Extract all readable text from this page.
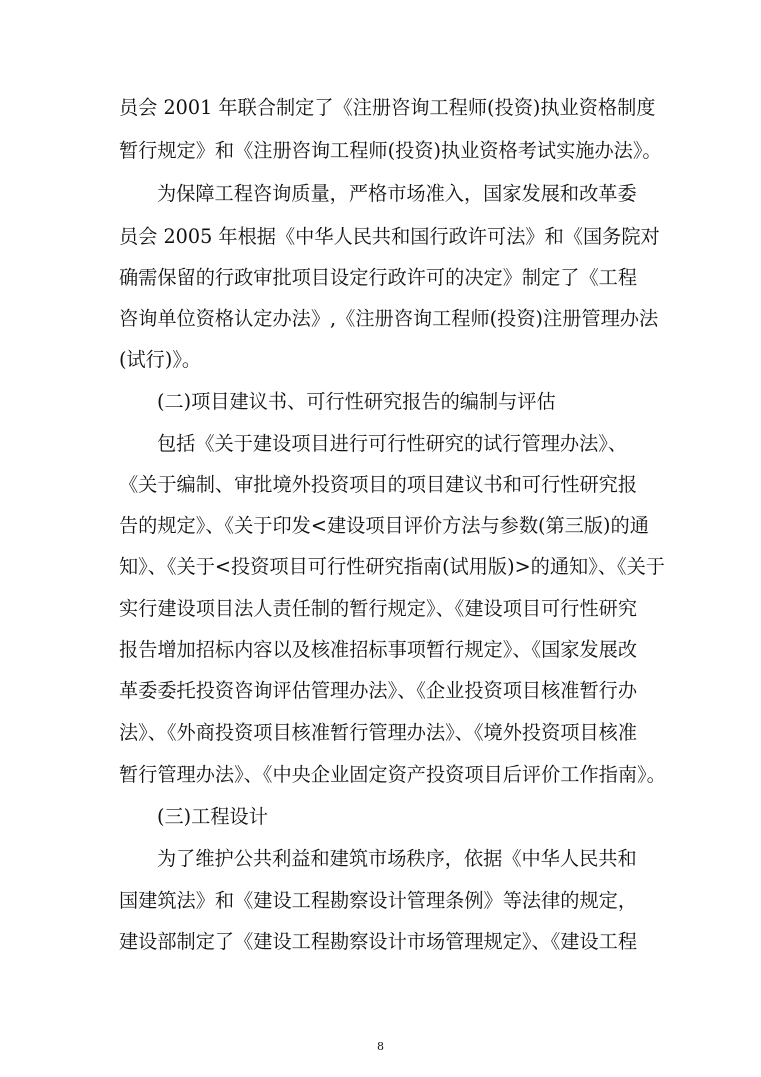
员会 2001 年联合制定了《注册咨询工程师(投资)执业资格制度
暂行规定》和《注册咨询工程师(投资)执业资格考试实施办法》。
为保障工程咨询质量，严格市场准入，国家发展和改革委
员会 2005 年根据《中华人民共和国行政许可法》和《国务院对
确需保留的行政审批项目设定行政许可的决定》制定了《工程
咨询单位资格认定办法》,《注册咨询工程师(投资)注册管理办法
(试行)》。
(二)项目建议书、可行性研究报告的编制与评估
包括《关于建设项目进行可行性研究的试行管理办法》、
《关于编制、审批境外投资项目的项目建议书和可行性研究报
告的规定》、《关于印发<建设项目评价方法与参数(第三版)的通
知》、《关于<投资项目可行性研究指南(试用版)>的通知》、《关于
实行建设项目法人责任制的暂行规定》、《建设项目可行性研究
报告增加招标内容以及核准招标事项暂行规定》、《国家发展改
革委委托投资咨询评估管理办法》、《企业投资项目核准暂行办
法》、《外商投资项目核准暂行管理办法》、《境外投资项目核准
暂行管理办法》、《中央企业固定资产投资项目后评价工作指南》。
(三)工程设计
为了维护公共利益和建筑市场秩序，依据《中华人民共和
国建筑法》和《建设工程勘察设计管理条例》等法律的规定，
建设部制定了《建设工程勘察设计市场管理规定》、《建设工程
8
